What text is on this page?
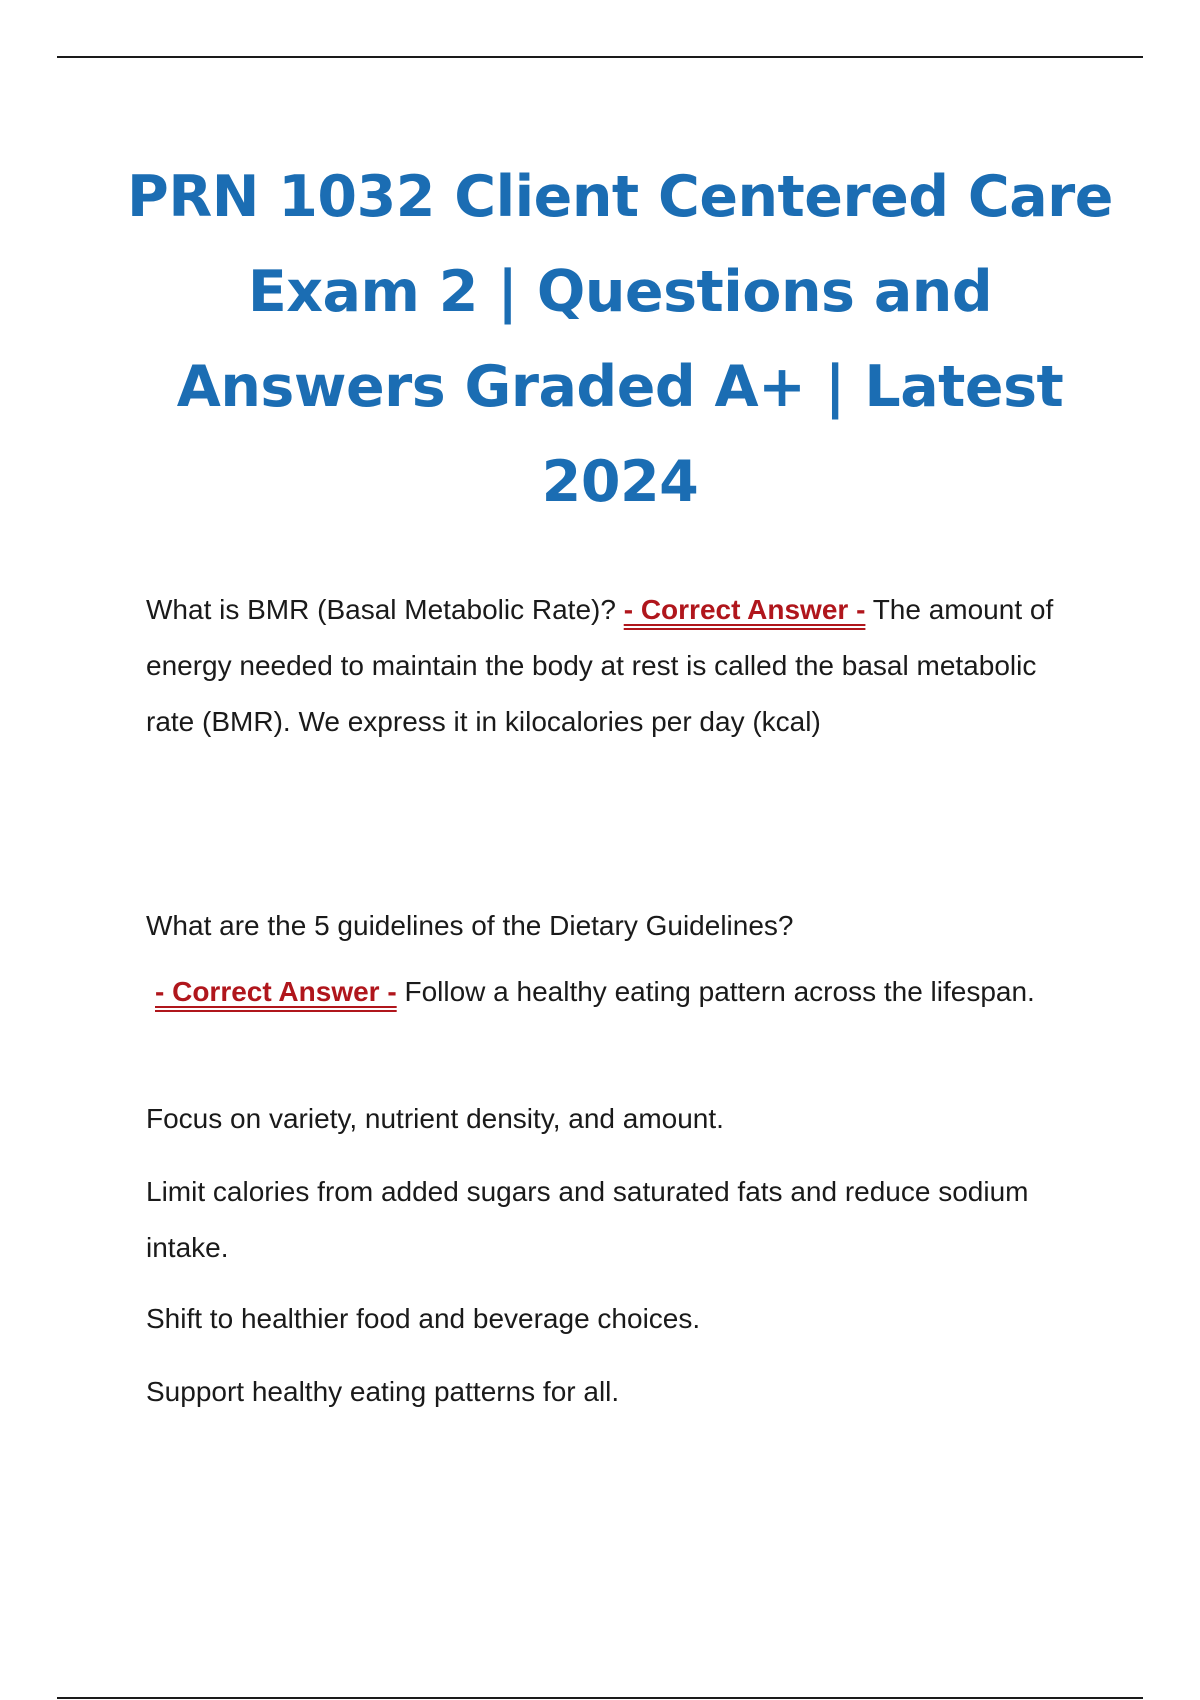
PRN 1032 Client Centered Care Exam 2 | Questions and Answers Graded A+ | Latest 2024

What is BMR (Basal Metabolic Rate)? - Correct Answer - The amount of energy needed to maintain the body at rest is called the basal metabolic rate (BMR). We express it in kilocalories per day (kcal)

What are the 5 guidelines of the Dietary Guidelines?

- Correct Answer - Follow a healthy eating pattern across the lifespan.

Focus on variety, nutrient density, and amount.

Limit calories from added sugars and saturated fats and reduce sodium intake.

Shift to healthier food and beverage choices.

Support healthy eating patterns for all.
